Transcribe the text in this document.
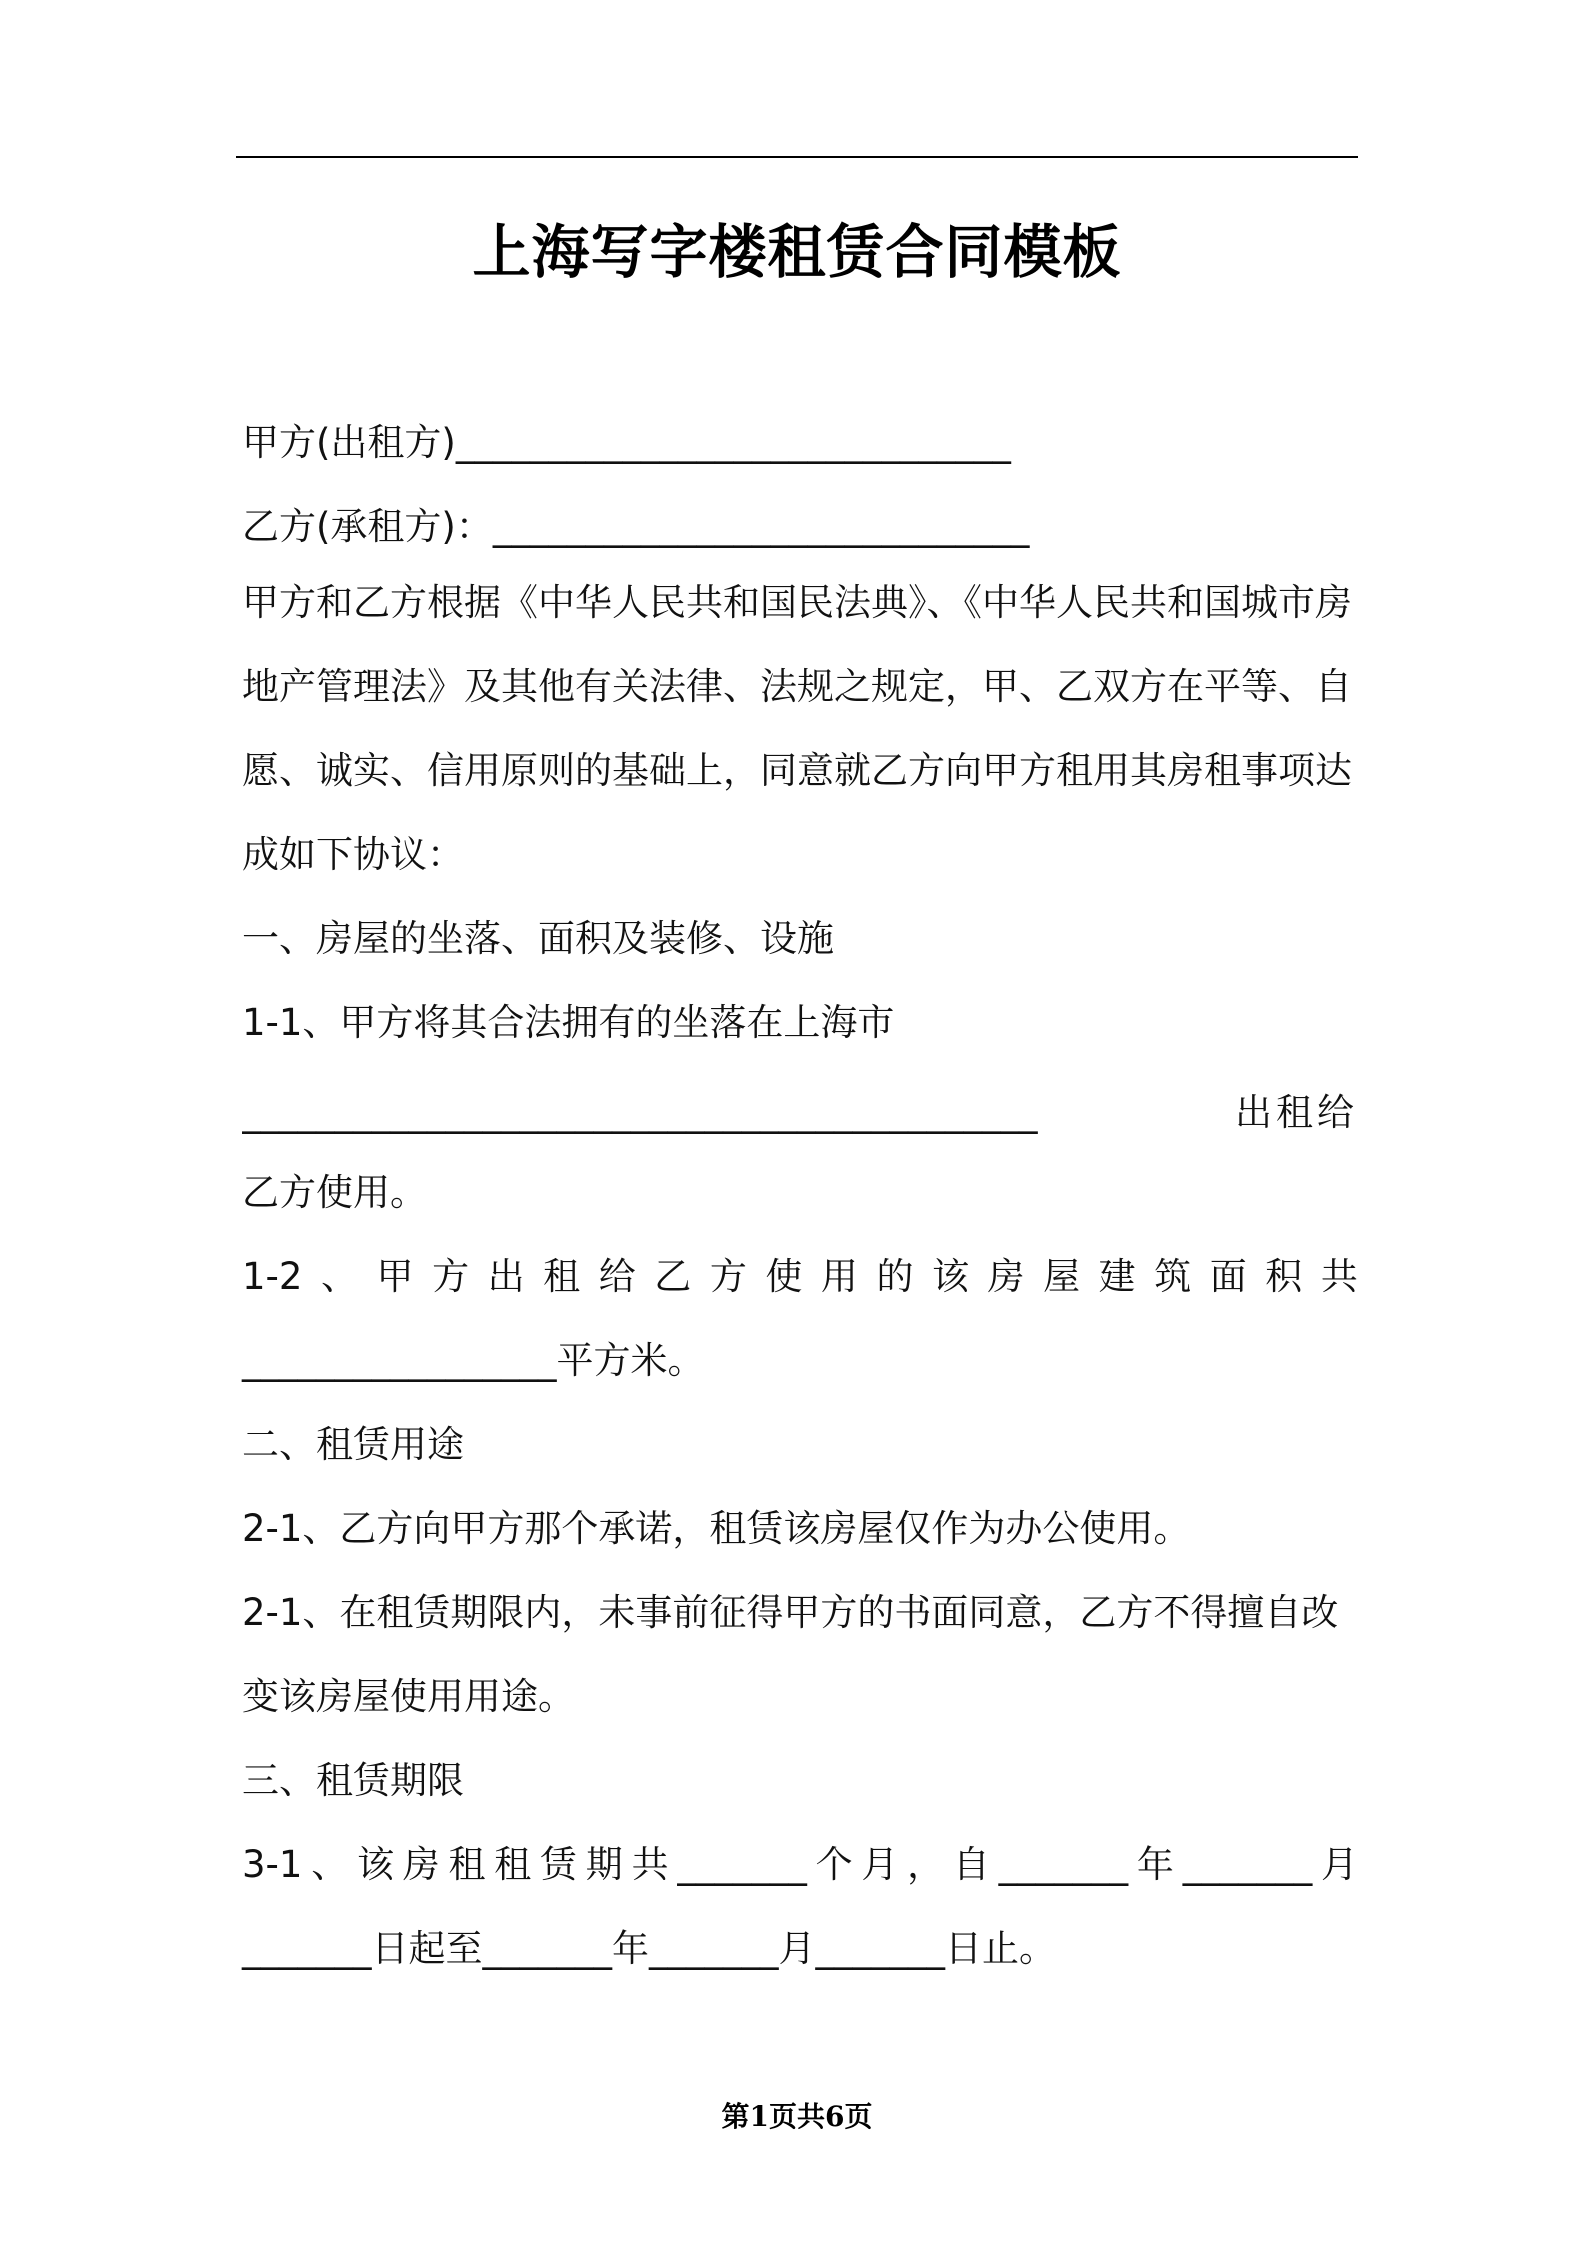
上海写字楼租赁合同模板
甲方(出租方)______________________________
乙方(承租方)：_____________________________
甲方和乙方根据《中华人民共和国民法典》、《中华人民共和国城市房
地产管理法》及其他有关法律、法规之规定，甲、乙双方在平等、自
愿、诚实、信用原则的基础上，同意就乙方向甲方租用其房租事项达
成如下协议：
一、房屋的坐落、面积及装修、设施
1-1、甲方将其合法拥有的坐落在上海市
___________________________________________	出租给
乙方使用。
1-2 、 甲 方 出 租 给 乙 方 使 用 的 该 房 屋 建 筑 面 积 共
_________________平方米。
二、租赁用途
2-1、乙方向甲方那个承诺，租赁该房屋仅作为办公使用。
2-1、在租赁期限内，未事前征得甲方的书面同意，乙方不得擅自改
变该房屋使用用途。
三、租赁期限
3-1 、 该 房 租 租 赁 期 共 _______ 个 月 ， 自 _______ 年 _______ 月
_______日起至_______年_______月_______日止。
第1页共6页
